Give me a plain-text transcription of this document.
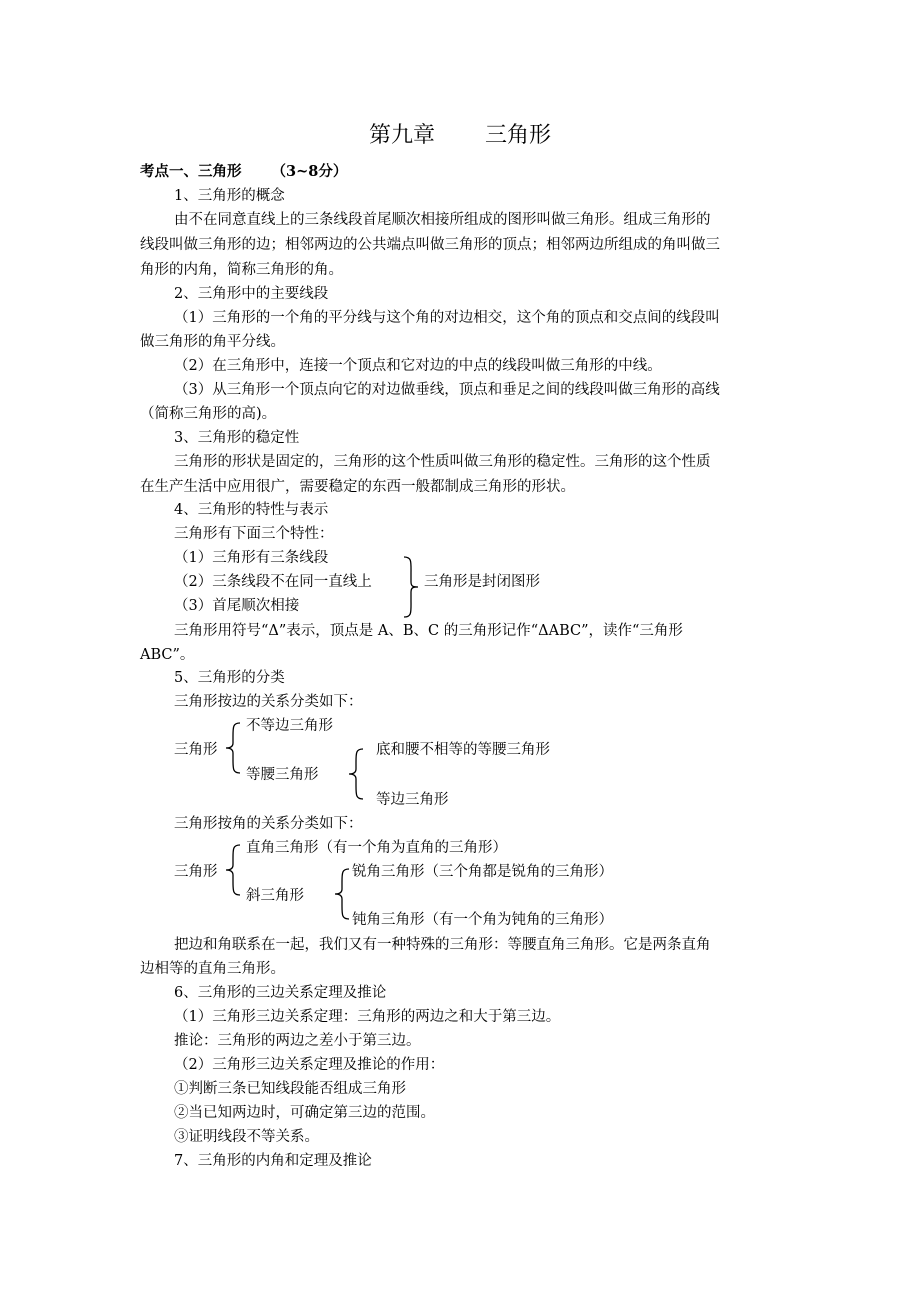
第九章 三角形
考点一、三角形 （3~8分）
1、三角形的概念
由不在同意直线上的三条线段首尾顺次相接所组成的图形叫做三角形。组成三角形的
线段叫做三角形的边；相邻两边的公共端点叫做三角形的顶点；相邻两边所组成的角叫做三
角形的内角，简称三角形的角。
2、三角形中的主要线段
（1）三角形的一个角的平分线与这个角的对边相交，这个角的顶点和交点间的线段叫
做三角形的角平分线。
（2）在三角形中，连接一个顶点和它对边的中点的线段叫做三角形的中线。
（3）从三角形一个顶点向它的对边做垂线，顶点和垂足之间的线段叫做三角形的高线
（简称三角形的高)。
3、三角形的稳定性
三角形的形状是固定的，三角形的这个性质叫做三角形的稳定性。三角形的这个性质
在生产生活中应用很广，需要稳定的东西一般都制成三角形的形状。
4、三角形的特性与表示
三角形有下面三个特性：
（1）三角形有三条线段
（2）三条线段不在同一直线上
（3）首尾顺次相接
三角形是封闭图形
三角形用符号“Δ”表示，顶点是 A、B、C 的三角形记作“ΔABC”，读作“三角形
ABC”。
5、三角形的分类
三角形按边的关系分类如下：
不等边三角形
三角形	底和腰不相等的等腰三角形
等腰三角形
等边三角形
三角形按角的关系分类如下：
直角三角形（有一个角为直角的三角形）
三角形	锐角三角形（三个角都是锐角的三角形）
斜三角形
钝角三角形（有一个角为钝角的三角形）
把边和角联系在一起，我们又有一种特殊的三角形：等腰直角三角形。它是两条直角
边相等的直角三角形。
6、三角形的三边关系定理及推论
（1）三角形三边关系定理：三角形的两边之和大于第三边。
推论：三角形的两边之差小于第三边。
（2）三角形三边关系定理及推论的作用：
①判断三条已知线段能否组成三角形
②当已知两边时，可确定第三边的范围。
③证明线段不等关系。
7、三角形的内角和定理及推论
